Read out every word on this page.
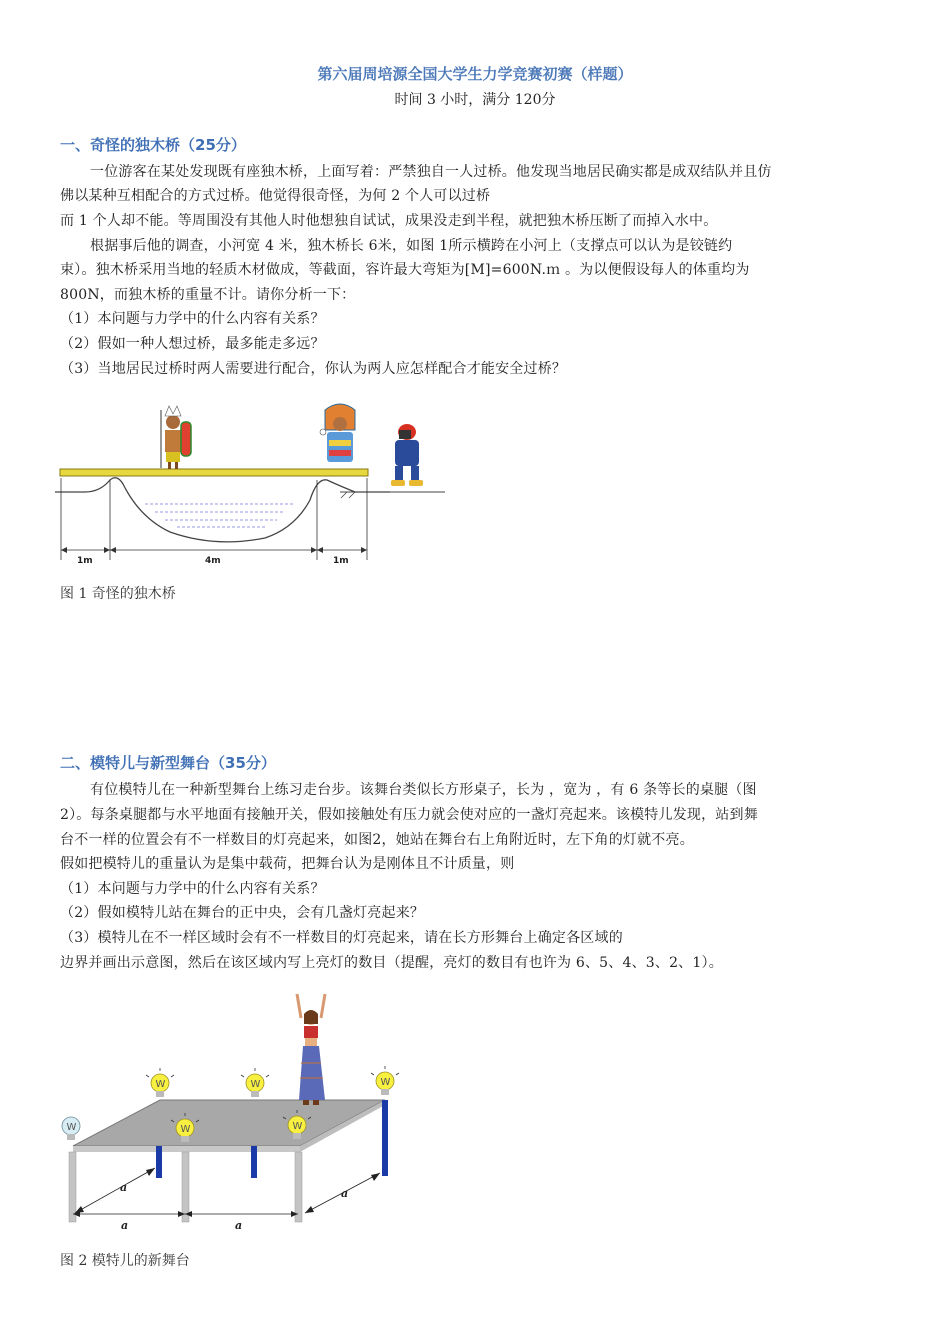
第六届周培源全国大学生力学竞赛初赛（样题）
时间 3 小时，满分 120分
一、奇怪的独木桥（25分）
一位游客在某处发现既有座独木桥，上面写着：严禁独自一人过桥。他发现当地居民确实都是成双结队并且仿
佛以某种互相配合的方式过桥。他觉得很奇怪，为何 2 个人可以过桥
而 1 个人却不能。等周围没有其他人时他想独自试试，成果没走到半程，就把独木桥压断了而掉入水中。
根据事后他的调查，小河宽 4 米，独木桥长 6米，如图 1所示横跨在小河上（支撑点可以认为是铰链约
束）。独木桥采用当地的轻质木材做成，等截面，容许最大弯矩为[M]=600N.ｍ 。为以便假设每人的体重均为
800N，而独木桥的重量不计。请你分析一下：
（1）本问题与力学中的什么内容有关系？
（2）假如一种人想过桥，最多能走多远？
（3）当地居民过桥时两人需要进行配合，你认为两人应怎样配合才能安全过桥？
1m	4m	1m
图 1 奇怪的独木桥
二、模特儿与新型舞台（35分）
有位模特儿在一种新型舞台上练习走台步。该舞台类似长方形桌子，长为 ，宽为 ，有 6 条等长的桌腿（图
2）。每条桌腿都与水平地面有接触开关，假如接触处有压力就会使对应的一盏灯亮起来。该模特儿发现，站到舞
台不一样的位置会有不一样数目的灯亮起来，如图2，她站在舞台右上角附近时，左下角的灯就不亮。
假如把模特儿的重量认为是集中载荷，把舞台认为是刚体且不计质量，则
（1）本问题与力学中的什么内容有关系？
（2）假如模特儿站在舞台的正中央，会有几盏灯亮起来？
（3）模特儿在不一样区域时会有不一样数目的灯亮起来，请在长方形舞台上确定各区域的
边界并画出示意图，然后在该区域内写上亮灯的数目（提醒，亮灯的数目有也许为 6、5、4、3、2、1）。
a	a
a	a
W	W	W
W	W
W
图 2 模特儿的新舞台
